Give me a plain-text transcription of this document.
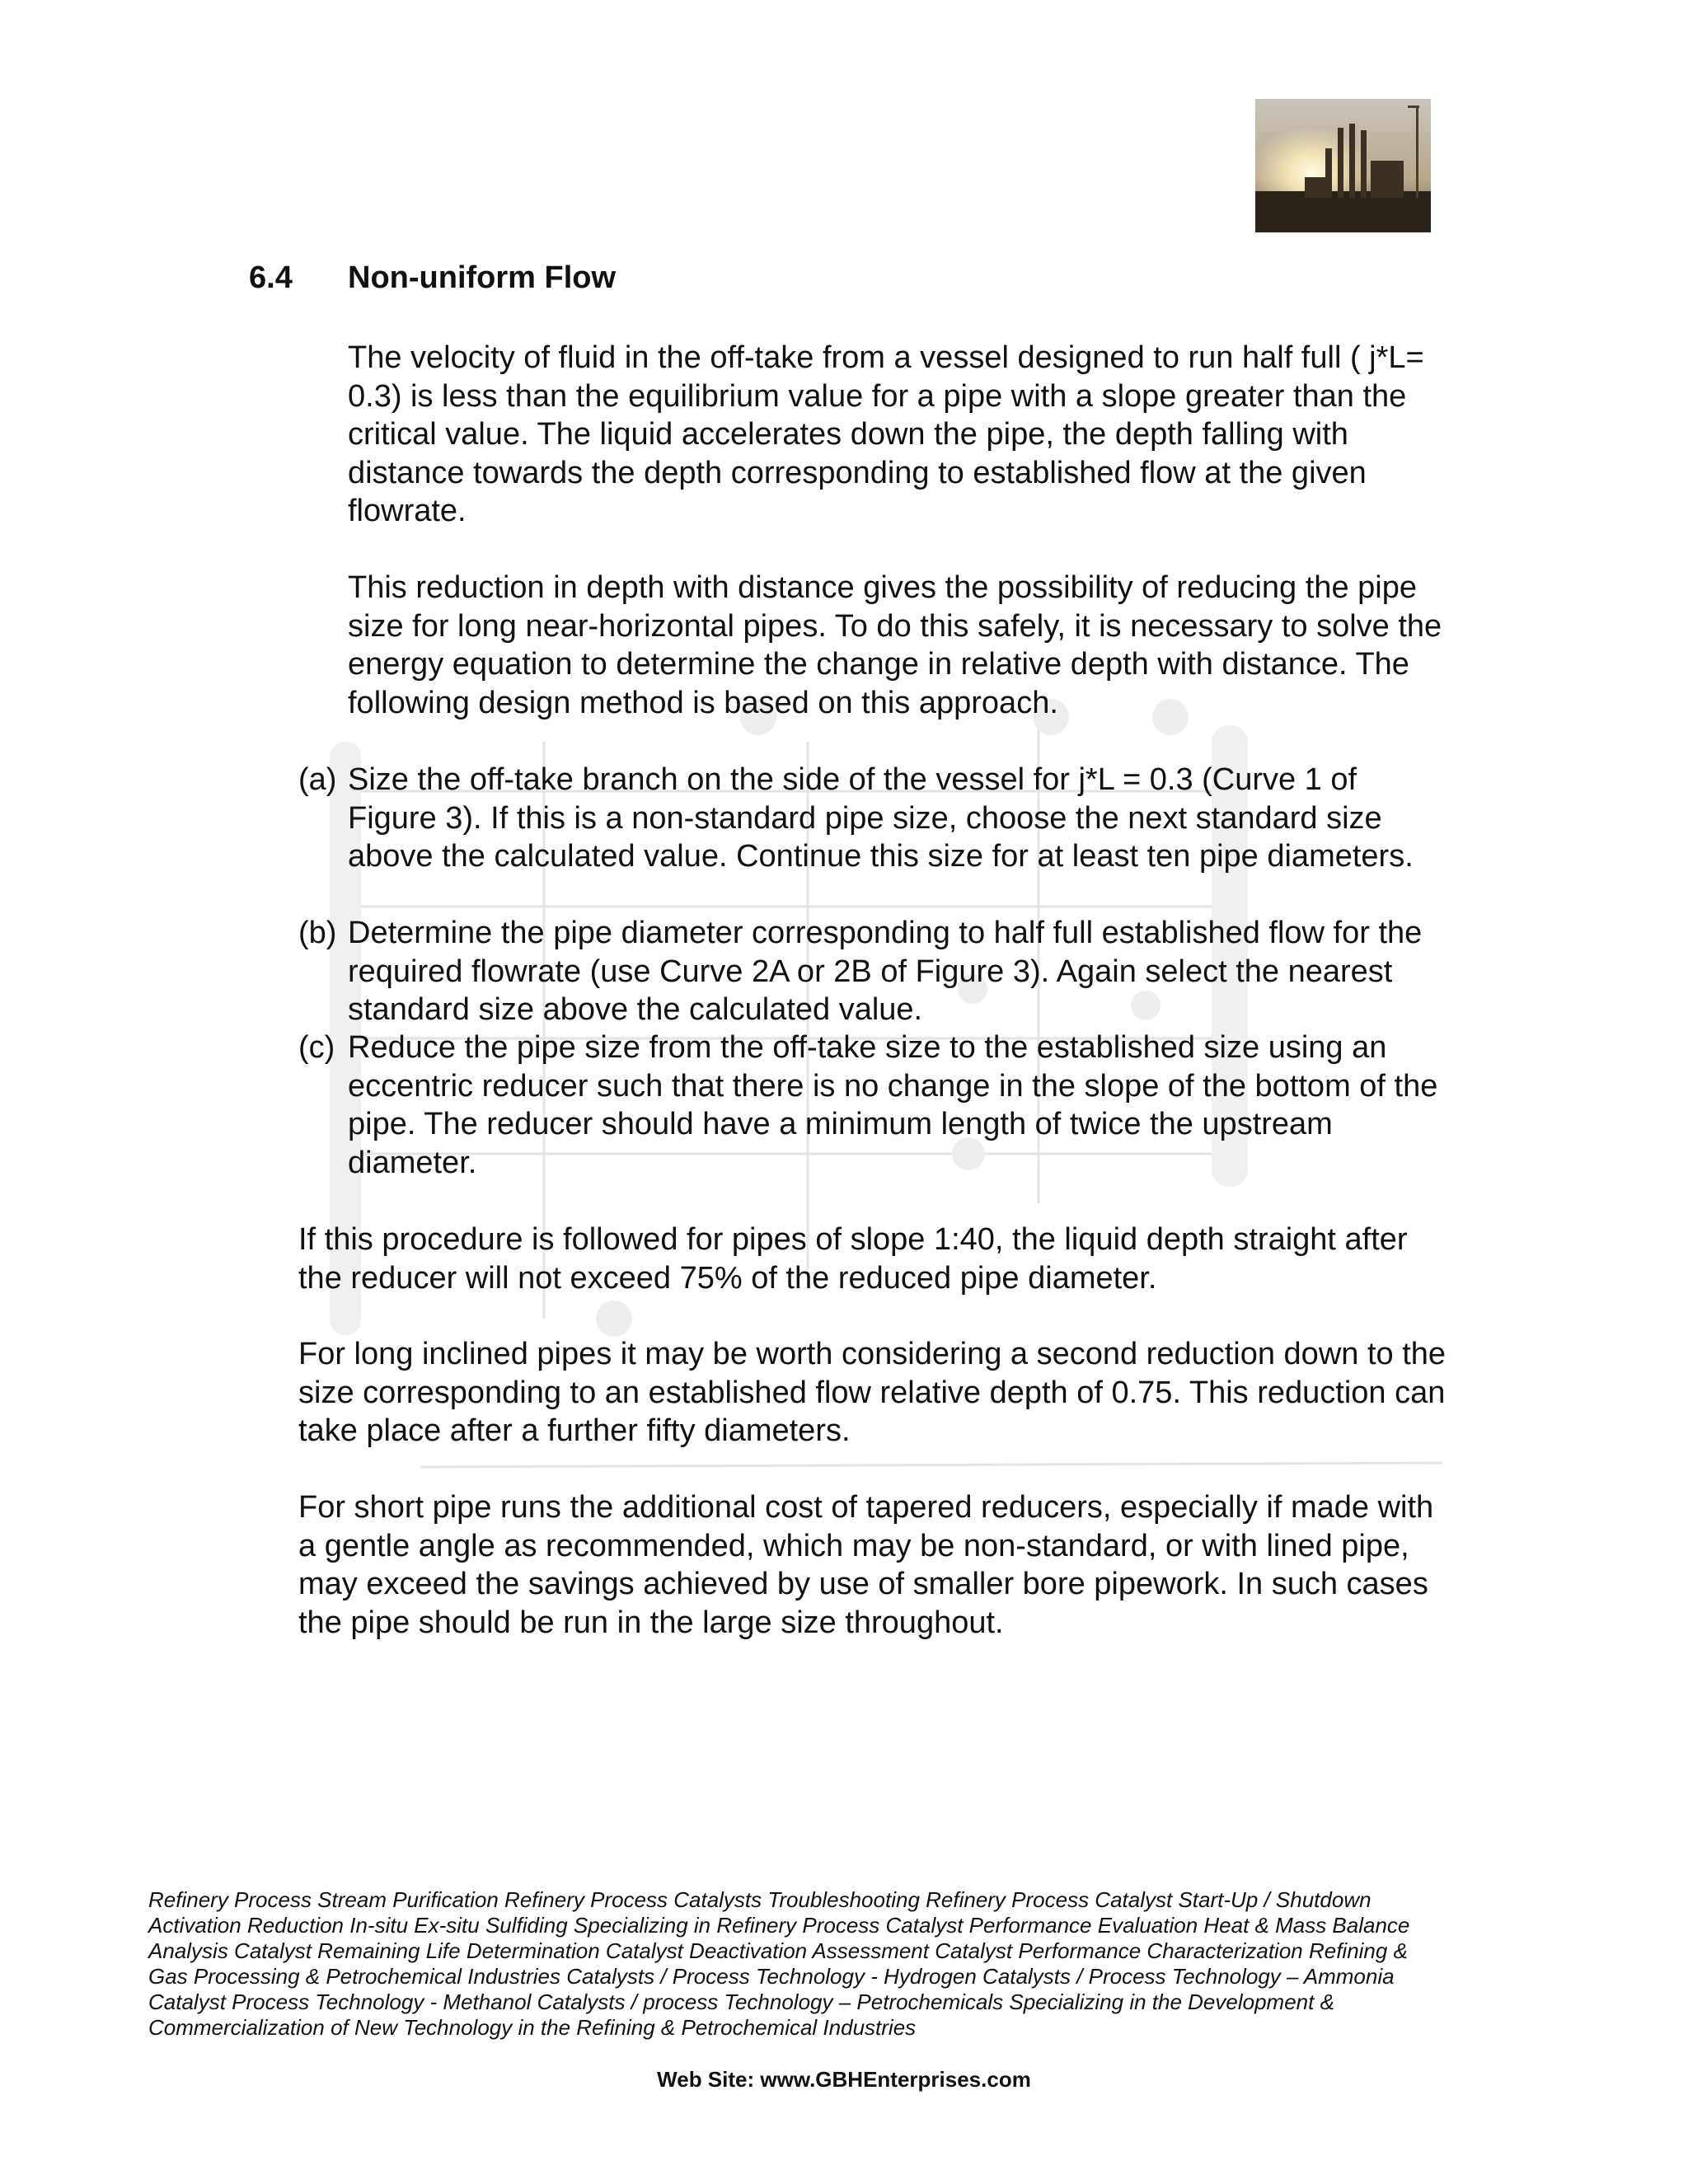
6.4 Non-uniform Flow

The velocity of fluid in the off-take from a vessel designed to run half full ( j*L= 0.3) is less than the equilibrium value for a pipe with a slope greater than the critical value. The liquid accelerates down the pipe, the depth falling with distance towards the depth corresponding to established flow at the given flowrate.

This reduction in depth with distance gives the possibility of reducing the pipe size for long near-horizontal pipes. To do this safely, it is necessary to solve the energy equation to determine the change in relative depth with distance. The following design method is based on this approach.

(a) Size the off-take branch on the side of the vessel for j*L = 0.3 (Curve 1 of Figure 3). If this is a non-standard pipe size, choose the next standard size above the calculated value. Continue this size for at least ten pipe diameters.
(b) Determine the pipe diameter corresponding to half full established flow for the required flowrate (use Curve 2A or 2B of Figure 3). Again select the nearest standard size above the calculated value.
(c) Reduce the pipe size from the off-take size to the established size using an eccentric reducer such that there is no change in the slope of the bottom of the pipe. The reducer should have a minimum length of twice the upstream diameter.

If this procedure is followed for pipes of slope 1:40, the liquid depth straight after the reducer will not exceed 75% of the reduced pipe diameter.

For long inclined pipes it may be worth considering a second reduction down to the size corresponding to an established flow relative depth of 0.75. This reduction can take place after a further fifty diameters.

For short pipe runs the additional cost of tapered reducers, especially if made with a gentle angle as recommended, which may be non-standard, or with lined pipe, may exceed the savings achieved by use of smaller bore pipework. In such cases the pipe should be run in the large size throughout.

Refinery Process Stream Purification Refinery Process Catalysts Troubleshooting Refinery Process Catalyst Start-Up / Shutdown Activation Reduction In-situ Ex-situ Sulfiding Specializing in Refinery Process Catalyst Performance Evaluation Heat & Mass Balance Analysis Catalyst Remaining Life Determination Catalyst Deactivation Assessment Catalyst Performance Characterization Refining & Gas Processing & Petrochemical Industries Catalysts / Process Technology - Hydrogen Catalysts / Process Technology – Ammonia Catalyst Process Technology - Methanol Catalysts / process Technology – Petrochemicals Specializing in the Development & Commercialization of New Technology in the Refining & Petrochemical Industries

Web Site: www.GBHEnterprises.com
